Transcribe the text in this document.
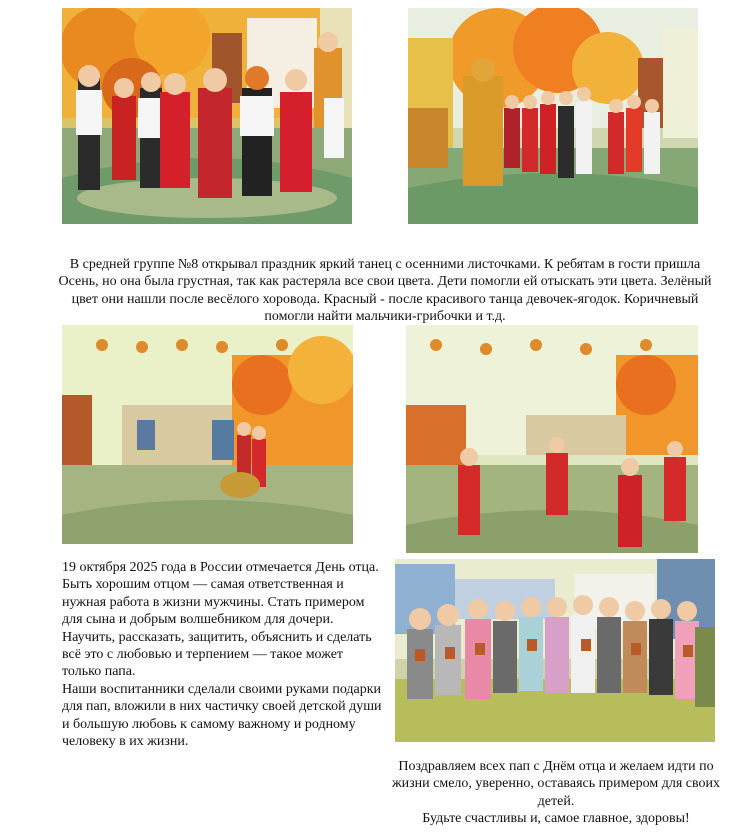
В средней группе №8 открывал праздник яркий танец с осенними листочками. К ребятам в гости пришла Осень, но она была грустная, так как растеряла все свои цвета. Дети помогли ей отыскать эти цвета. Зелёный цвет они нашли после весёлого хоровода. Красный - после красивого танца девочек-ягодок. Коричневый помогли найти мальчики-грибочки и т.д.
19 октября 2025 года в России отмечается День отца.
Быть хорошим отцом — самая ответственная и нужная работа в жизни мужчины. Стать примером для сына и добрым волшебником для дочери. Научить, рассказать, защитить, объяснить и сделать всё это с любовью и терпением — такое может только папа.
Наши воспитанники сделали своими руками подарки для пап, вложили в них частичку своей детской души и большую любовь к самому важному и родному человеку в их жизни.
Поздравляем всех пап с Днём отца и желаем идти по жизни смело, уверенно, оставаясь примером для своих детей.
Будьте счастливы и, самое главное, здоровы!
